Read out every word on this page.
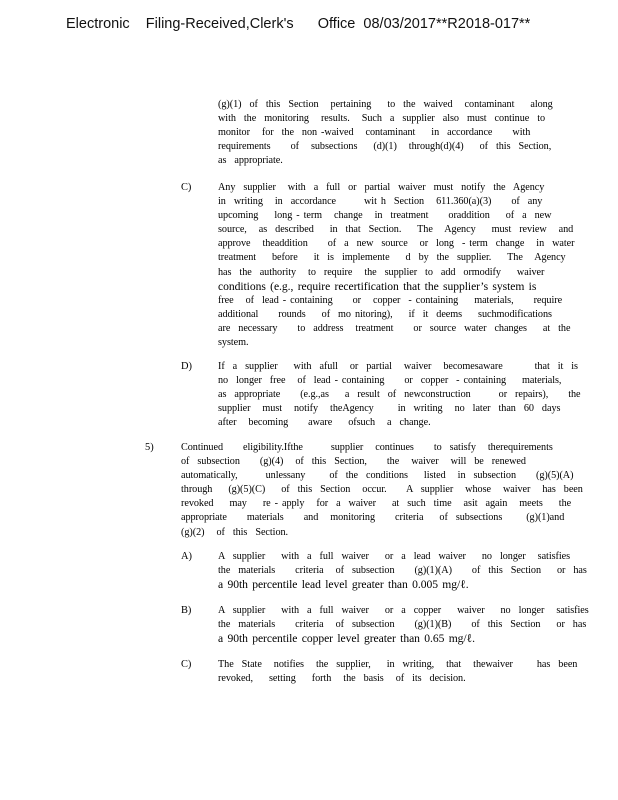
Electronic    Filing-Received,Clerk's      Office  08/03/2017**R2018-017**
(g)(1)  of  this  Section   pertaining    to  the  waived   contaminant    along
with  the  monitoring   results.   Such  a  supplier  also  must  continue  to
monitor   for  the  non -waived   contaminant    in  accordance     with
requirements     of   subsections    (d)(1)   through(d)(4)    of  this  Section,
as  appropriate.
C)	Any  supplier   with  a  full  or  partial  waiver  must  notify  the  Agency
in  writing   in  accordance       wit h  Section   611.360(a)(3)     of  any
upcoming    long - term   change   in  treatment     oraddition    of  a  new
source,   as  described    in  that  Section.    The   Agency    must  review   and
approve   theaddition     of  a  new  source   or  long  - term  change   in  water
treatment    before    it  is  implemente    d  by  the  supplier.    The   Agency
has  the  authority   to  require   the  supplier  to  add  ormodify    waiver
conditions (e.g., require recertification that the supplier’s system is
free   of  lead - containing     or   copper  - containing    materials,     require
additional     rounds    of  mo nitoring),    if  it  deems    suchmodifications
are  necessary     to  address   treatment     or  source  water  changes    at  the
system.
D)	If  a  supplier    with  afull   or  partial   waiver   becomesaware        that  it  is
no  longer  free   of  lead - containing     or  copper  - containing    materials,
as  appropriate     (e.g.,as    a  result  of  newconstruction       or  repairs),     the
supplier   must   notify   theAgency      in  writing   no  later  than  60  days
after   becoming     aware    ofsuch   a  change.
5)	Continued     eligibility.Ifthe       supplier   continues     to  satisfy   therequirements
of  subsection     (g)(4)   of  this  Section,     the   waiver   will  be  renewed
automatically,       unlessany      of  the  conditions    listed   in  subsection     (g)(5)(A)
through    (g)(5)(C)    of  this  Section   occur.     A  supplier   whose   waiver   has  been
revoked    may    re - apply   for  a  waiver    at  such  time   asit  again   meets    the
appropriate     materials     and   monitoring     criteria    of  subsections      (g)(1)and
(g)(2)   of  this  Section.
A)	A  supplier    with  a  full  waiver    or  a  lead  waiver    no  longer   satisfies
the  materials     criteria   of  subsection     (g)(1)(A)     of  this  Section    or  has
a 90th percentile lead level greater than 0.005 mg/ℓ.
B)	A  supplier    with  a  full  waiver    or  a  copper    waiver    no  longer   satisfies
the  materials     criteria   of  subsection     (g)(1)(B)     of  this  Section    or  has
a 90th percentile copper level greater than 0.65 mg/ℓ.
C)	The  State   notifies   the  supplier,    in  writing,   that   thewaiver      has  been
revoked,    setting    forth   the  basis   of  its  decision.
